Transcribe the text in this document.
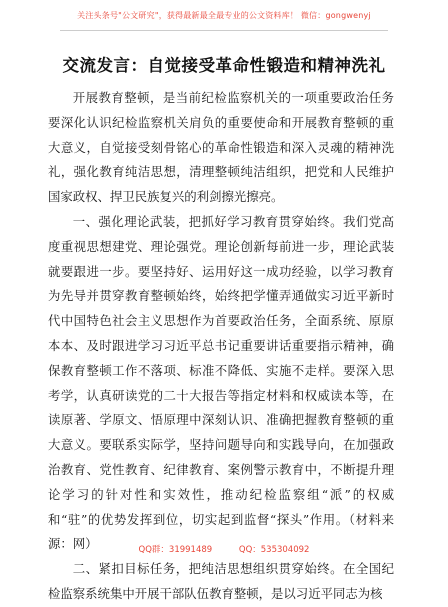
关注头条号"公文研究"，获得最新最全最专业的公文资料库！ 微信：gongwenyj
交流发言：自觉接受革命性锻造和精神洗礼

开展教育整顿，是当前纪检监察机关的一项重要政治任务要深化认识纪检监察机关肩负的重要使命和开展教育整顿的重大意义，自觉接受刻骨铭心的革命性锻造和深入灵魂的精神洗礼，强化教育纯洁思想，清理整顿纯洁组织，把党和人民维护国家政权、捍卫民族复兴的利剑擦光擦亮。

一、强化理论武装，把抓好学习教育贯穿始终。我们党高度重视思想建党、理论强党。理论创新每前进一步，理论武装就要跟进一步。要坚持好、运用好这一成功经验，以学习教育为先导并贯穿教育整顿始终，始终把学懂弄通做实习近平新时代中国特色社会主义思想作为首要政治任务，全面系统、原原本本、及时跟进学习习近平总书记重要讲话重要指示精神，确保教育整顿工作不落项、标准不降低、实施不走样。要深入思考学，认真研读党的二十大报告等指定材料和权威读本等，在读原著、学原文、悟原理中深刻认识、准确把握教育整顿的重大意义。要联系实际学，坚持问题导向和实践导向，在加强政治教育、党性教育、纪律教育、案例警示教育中，不断提升理论学习的针对性和实效性，推动纪检监察组“派”的权威和“驻”的优势发挥到位，切实起到监督“探头”作用。（材料来源：网）

二、紧扣目标任务，把纯洁思想组织贯穿始终。在全国纪检监察系统集中开展干部队伍教育整顿，是以习近平同志为核

QQ群：31991489	QQ：535304092
